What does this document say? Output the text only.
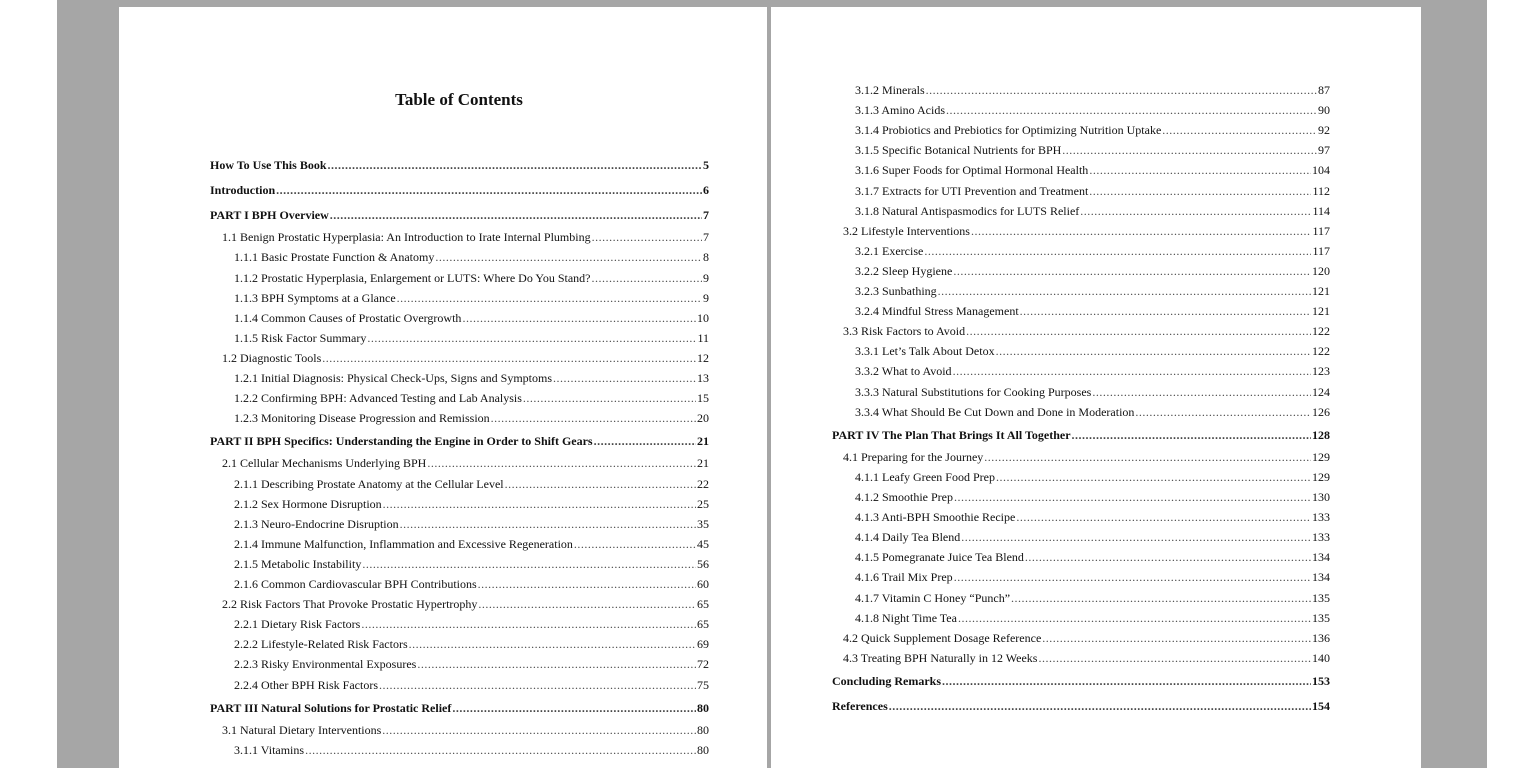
Table of Contents
How To Use This Book .....	5
Introduction .....	6
PART I BPH Overview .....	7
1.1 Benign Prostatic Hyperplasia: An Introduction to Irate Internal Plumbing .....	7
1.1.1 Basic Prostate Function & Anatomy .....	8
1.1.2 Prostatic Hyperplasia, Enlargement or LUTS: Where Do You Stand? .....	9
1.1.3 BPH Symptoms at a Glance .....	9
1.1.4 Common Causes of Prostatic Overgrowth .....	10
1.1.5 Risk Factor Summary .....	11
1.2 Diagnostic Tools .....	12
1.2.1 Initial Diagnosis: Physical Check-Ups, Signs and Symptoms .....	13
1.2.2 Confirming BPH: Advanced Testing and Lab Analysis .....	15
1.2.3 Monitoring Disease Progression and Remission .....	20
PART II BPH Specifics: Understanding the Engine in Order to Shift Gears .....	21
2.1 Cellular Mechanisms Underlying BPH .....	21
2.1.1 Describing Prostate Anatomy at the Cellular Level .....	22
2.1.2 Sex Hormone Disruption .....	25
2.1.3 Neuro-Endocrine Disruption .....	35
2.1.4 Immune Malfunction, Inflammation and Excessive Regeneration .....	45
2.1.5 Metabolic Instability .....	56
2.1.6 Common Cardiovascular BPH Contributions .....	60
2.2 Risk Factors That Provoke Prostatic Hypertrophy .....	65
2.2.1 Dietary Risk Factors .....	65
2.2.2 Lifestyle-Related Risk Factors .....	69
2.2.3 Risky Environmental Exposures .....	72
2.2.4 Other BPH Risk Factors .....	75
PART III Natural Solutions for Prostatic Relief .....	80
3.1 Natural Dietary Interventions .....	80
3.1.1 Vitamins .....	80
3.1.2 Minerals .....	87
3.1.3 Amino Acids .....	90
3.1.4 Probiotics and Prebiotics for Optimizing Nutrition Uptake .....	92
3.1.5 Specific Botanical Nutrients for BPH .....	97
3.1.6 Super Foods for Optimal Hormonal Health .....	104
3.1.7 Extracts for UTI Prevention and Treatment .....	112
3.1.8 Natural Antispasmodics for LUTS Relief .....	114
3.2 Lifestyle Interventions .....	117
3.2.1 Exercise .....	117
3.2.2 Sleep Hygiene .....	120
3.2.3 Sunbathing .....	121
3.2.4 Mindful Stress Management .....	121
3.3 Risk Factors to Avoid .....	122
3.3.1 Let’s Talk About Detox .....	122
3.3.2 What to Avoid .....	123
3.3.3 Natural Substitutions for Cooking Purposes .....	124
3.3.4 What Should Be Cut Down and Done in Moderation .....	126
PART IV The Plan That Brings It All Together .....	128
4.1 Preparing for the Journey .....	129
4.1.1 Leafy Green Food Prep .....	129
4.1.2 Smoothie Prep .....	130
4.1.3 Anti-BPH Smoothie Recipe .....	133
4.1.4 Daily Tea Blend .....	133
4.1.5 Pomegranate Juice Tea Blend .....	134
4.1.6 Trail Mix Prep .....	134
4.1.7 Vitamin C Honey “Punch” .....	135
4.1.8 Night Time Tea .....	135
4.2 Quick Supplement Dosage Reference .....	136
4.3 Treating BPH Naturally in 12 Weeks .....	140
Concluding Remarks .....	153
References .....	154
